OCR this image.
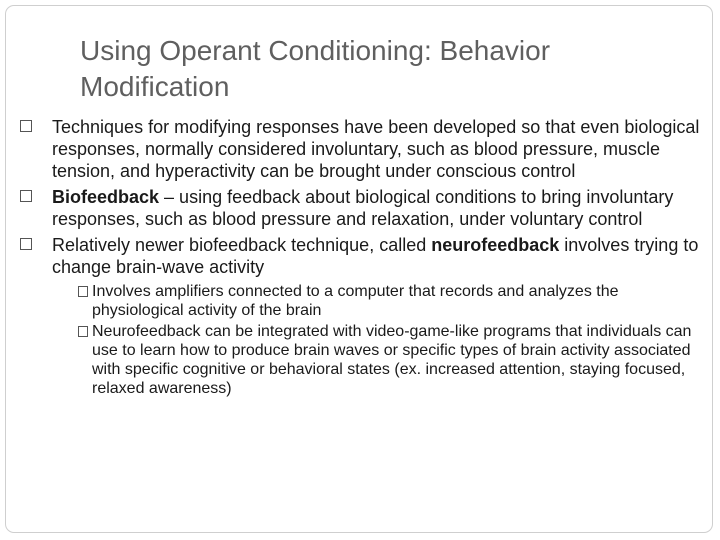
Using Operant Conditioning: Behavior Modification
Techniques for modifying responses have been developed so that even biological responses, normally considered involuntary, such as blood pressure, muscle tension, and hyperactivity can be brought under conscious control
Biofeedback – using feedback about biological conditions to bring involuntary responses, such as blood pressure and relaxation, under voluntary control
Relatively newer biofeedback technique, called neurofeedback involves trying to change brain-wave activity
Involves amplifiers connected to a computer that records and analyzes the physiological activity of the brain
Neurofeedback can be integrated with video-game-like programs that individuals can use to learn how to produce brain waves or specific types of brain activity associated with specific cognitive or behavioral states (ex. increased attention, staying focused, relaxed awareness)
